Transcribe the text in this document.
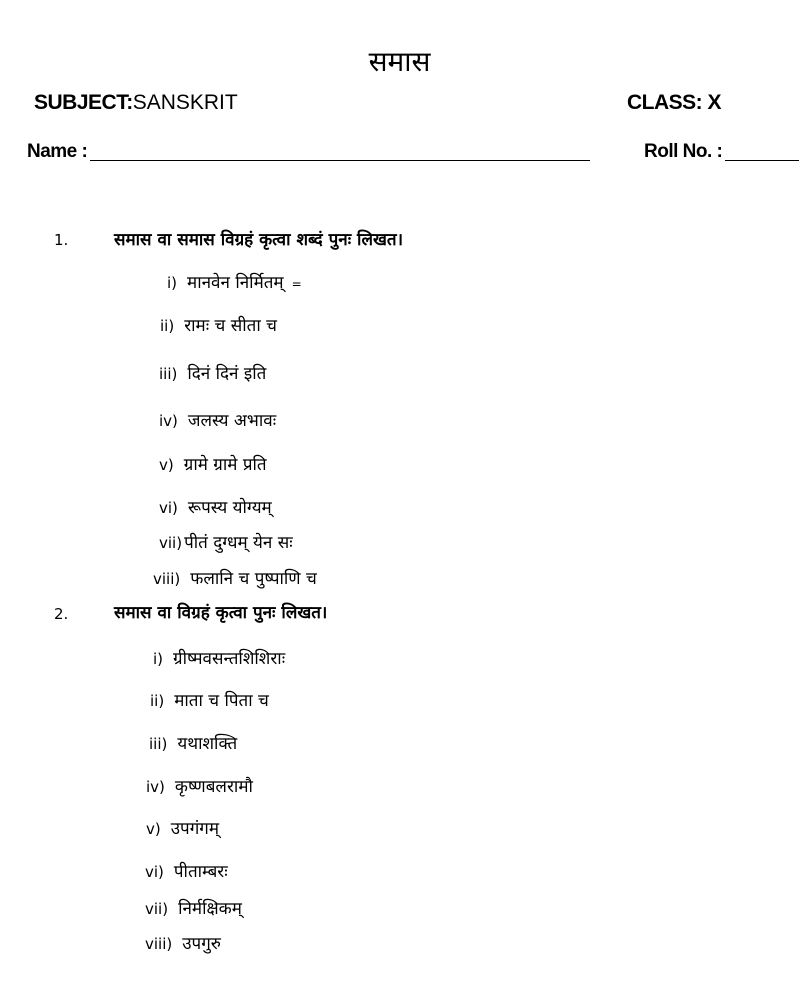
समास
SUBJECT:SANSKRIT	CLASS: X
Name :	Roll No. :
1.	समास वा समास विग्रहं कृत्वा शब्दं पुनः लिखत।
i) मानवेन निर्मितम् =
ii) रामः च सीता च
iii) दिनं दिनं इति
iv) जलस्य अभावः
v) ग्रामे ग्रामे प्रति
vi) रूपस्य योग्यम्
vii) पीतं दुग्धम् येन सः
viii) फलानि च पुष्पाणि च
2.	समास वा विग्रहं कृत्वा पुनः लिखत।
i) ग्रीष्मवसन्तशिशिराः
ii) माता च पिता च
iii) यथाशक्ति
iv) कृष्णबलरामौ
v) उपगंगम्
vi) पीताम्बरः
vii) निर्मक्षिकम्
viii) उपगुरु
